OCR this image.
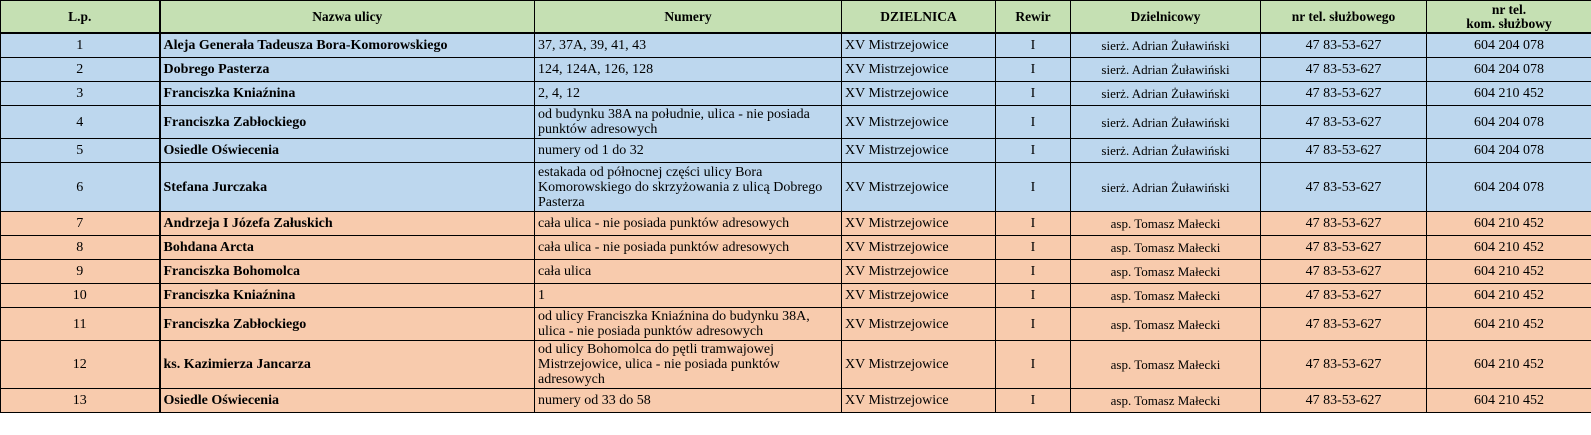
L.p.	Nazwa ulicy	Numery	DZIELNICA	Rewir	Dzielnicowy	nr tel. służbowego	nr tel.
kom. służbowy
1	Aleja Generała Tadeusza Bora-Komorowskiego	37, 37A, 39, 41, 43	XV Mistrzejowice	I	sierż. Adrian Żuławiński	47 83-53-627	604 204 078
2	Dobrego Pasterza	124, 124A, 126, 128	XV Mistrzejowice	I	sierż. Adrian Żuławiński	47 83-53-627	604 204 078
3	Franciszka Kniaźnina	2, 4, 12	XV Mistrzejowice	I	sierż. Adrian Żuławiński	47 83-53-627	604 210 452
4	Franciszka Zabłockiego	od budynku 38A na południe, ulica - nie posiada punktów adresowych	XV Mistrzejowice	I	sierż. Adrian Żuławiński	47 83-53-627	604 204 078
5	Osiedle Oświecenia	numery od 1 do 32	XV Mistrzejowice	I	sierż. Adrian Żuławiński	47 83-53-627	604 204 078
6	Stefana Jurczaka	estakada od północnej części ulicy Bora Komorowskiego do skrzyżowania z ulicą Dobrego Pasterza	XV Mistrzejowice	I	sierż. Adrian Żuławiński	47 83-53-627	604 204 078
7	Andrzeja I Józefa Załuskich	cała ulica - nie posiada punktów adresowych	XV Mistrzejowice	I	asp. Tomasz Małecki	47 83-53-627	604 210 452
8	Bohdana Arcta	cała ulica - nie posiada punktów adresowych	XV Mistrzejowice	I	asp. Tomasz Małecki	47 83-53-627	604 210 452
9	Franciszka Bohomolca	cała ulica	XV Mistrzejowice	I	asp. Tomasz Małecki	47 83-53-627	604 210 452
10	Franciszka Kniaźnina	1	XV Mistrzejowice	I	asp. Tomasz Małecki	47 83-53-627	604 210 452
11	Franciszka Zabłockiego	od ulicy Franciszka Kniaźnina do budynku 38A, ulica - nie posiada punktów adresowych	XV Mistrzejowice	I	asp. Tomasz Małecki	47 83-53-627	604 210 452
12	ks. Kazimierza Jancarza	od ulicy Bohomolca do pętli tramwajowej Mistrzejowice, ulica - nie posiada punktów adresowych	XV Mistrzejowice	I	asp. Tomasz Małecki	47 83-53-627	604 210 452
13	Osiedle Oświecenia	numery od 33 do 58	XV Mistrzejowice	I	asp. Tomasz Małecki	47 83-53-627	604 210 452
